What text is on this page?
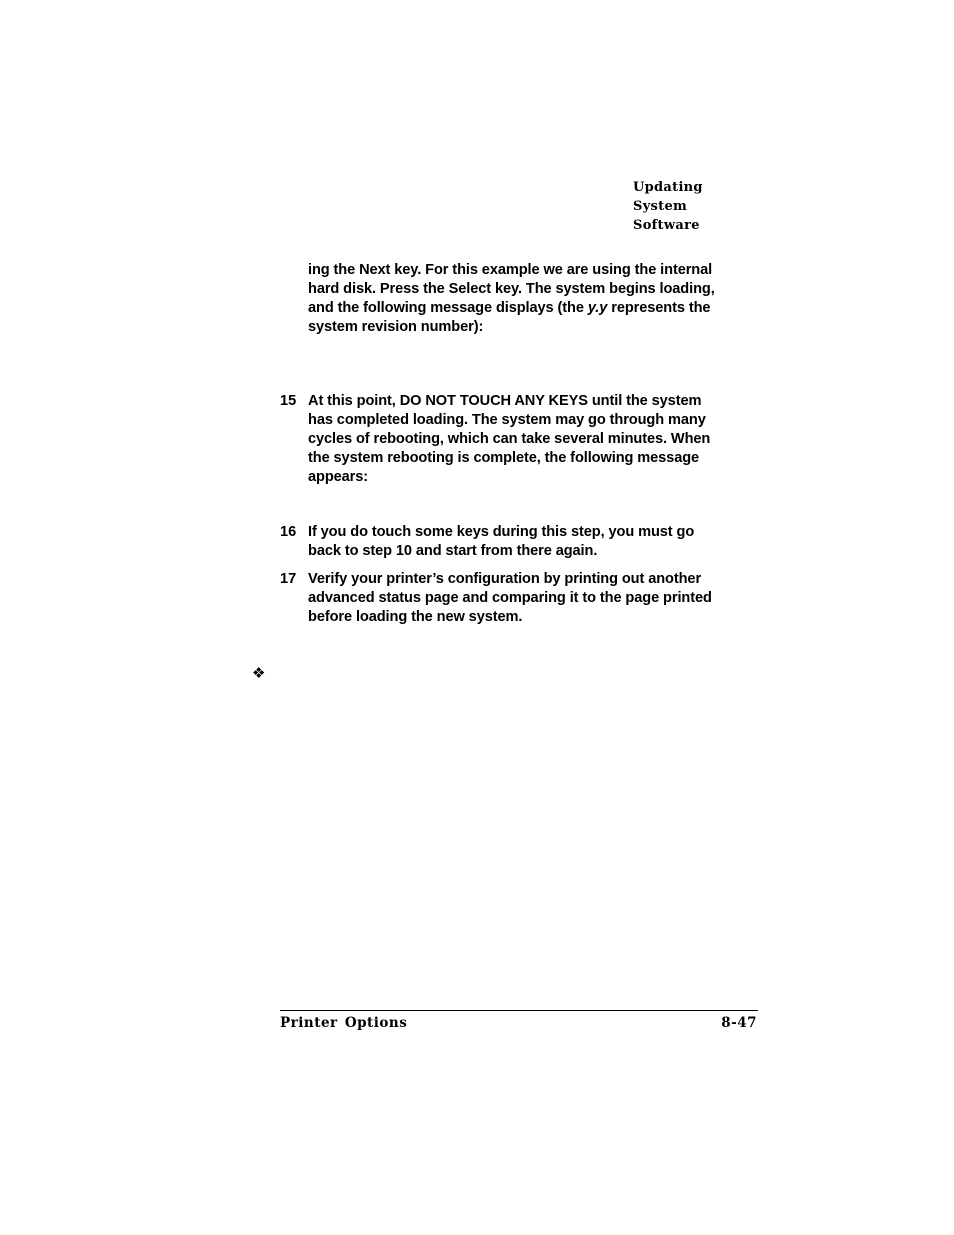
Updating
System
Software
ing the Next key. For this example we are using the internal
hard disk. Press the Select key. The system begins loading,
and the following message displays (the y.y represents the
system revision number):
15 At this point, DO NOT TOUCH ANY KEYS until the system
has completed loading. The system may go through many
cycles of rebooting, which can take several minutes. When
the system rebooting is complete, the following message
appears:
16 If you do touch some keys during this step, you must go
back to step 10 and start from there again.
17 Verify your printer’s configuration by printing out another
advanced status page and comparing it to the page printed
before loading the new system.
❖
Printer Options	8-47
